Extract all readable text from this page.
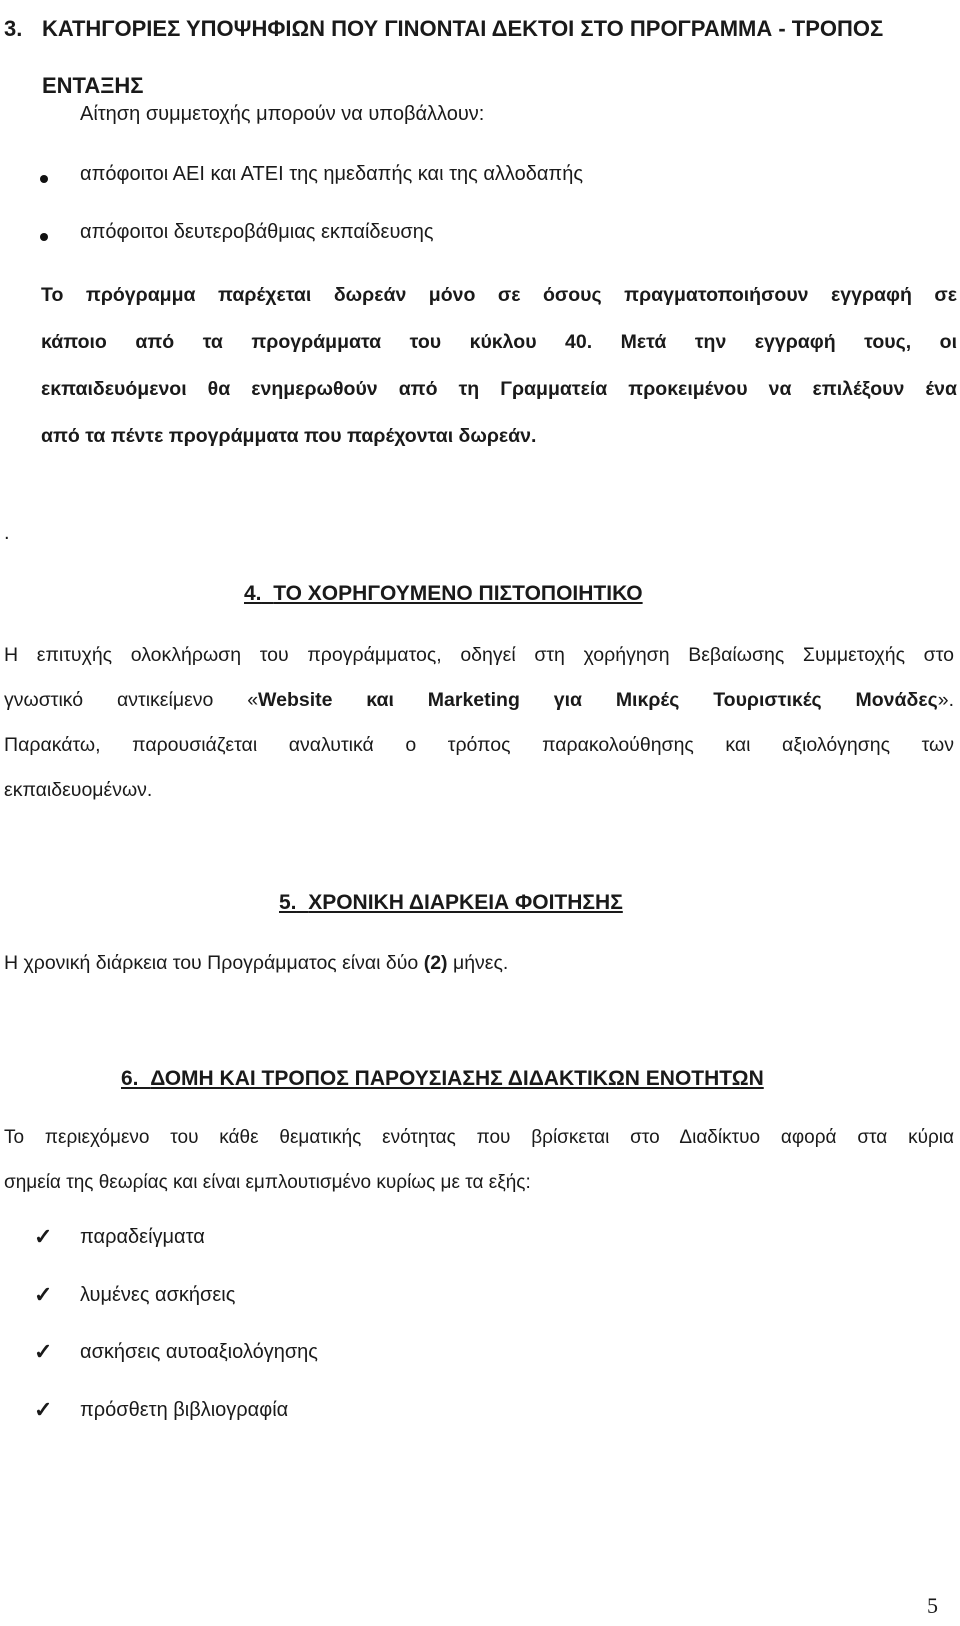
3. ΚΑΤΗΓΟΡΙΕΣ ΥΠΟΨΗΦΙΩΝ ΠΟΥ ΓΙΝΟΝΤΑΙ ΔΕΚΤΟΙ ΣΤΟ ΠΡΟΓΡΑΜΜΑ - ΤΡΟΠΟΣ
ΕΝΤΑΞΗΣ
Αίτηση συμμετοχής μπορούν να υποβάλλουν:
απόφοιτοι ΑΕΙ και ΑΤΕΙ της ημεδαπής και της αλλοδαπής
απόφοιτοι δευτεροβάθμιας εκπαίδευσης
Το πρόγραμμα παρέχεται δωρεάν μόνο σε όσους πραγματοποιήσουν εγγραφή σε
κάποιο από τα προγράμματα του κύκλου 40. Μετά την εγγραφή τους, οι
εκπαιδευόμενοι θα ενημερωθούν από τη Γραμματεία προκειμένου να επιλέξουν ένα
από τα πέντε προγράμματα που παρέχονται δωρεάν.
.
4. ΤΟ ΧΟΡΗΓΟΥΜΕΝΟ ΠΙΣΤΟΠΟΙΗΤΙΚΟ
Η επιτυχής ολοκλήρωση του προγράμματος, οδηγεί στη χορήγηση Βεβαίωσης Συμμετοχής στο
γνωστικό αντικείμενο «Website και Marketing για Μικρές Τουριστικές Μονάδες».
Παρακάτω, παρουσιάζεται αναλυτικά ο τρόπος παρακολούθησης και αξιολόγησης των
εκπαιδευομένων.
5. ΧΡΟΝΙΚΗ ΔΙΑΡΚΕΙΑ ΦΟΙΤΗΣΗΣ
Η χρονική διάρκεια του Προγράμματος είναι δύο (2) μήνες.
6. ΔΟΜΗ ΚΑΙ ΤΡΟΠΟΣ ΠΑΡΟΥΣΙΑΣΗΣ ΔΙΔΑΚΤΙΚΩΝ ΕΝΟΤΗΤΩΝ
Το περιεχόμενο του κάθε θεματικής ενότητας που βρίσκεται στο Διαδίκτυο αφορά στα κύρια
σημεία της θεωρίας και είναι εμπλουτισμένο κυρίως με τα εξής:
✓	παραδείγματα
✓	λυμένες ασκήσεις
✓	ασκήσεις αυτοαξιολόγησης
✓	πρόσθετη βιβλιογραφία
5
